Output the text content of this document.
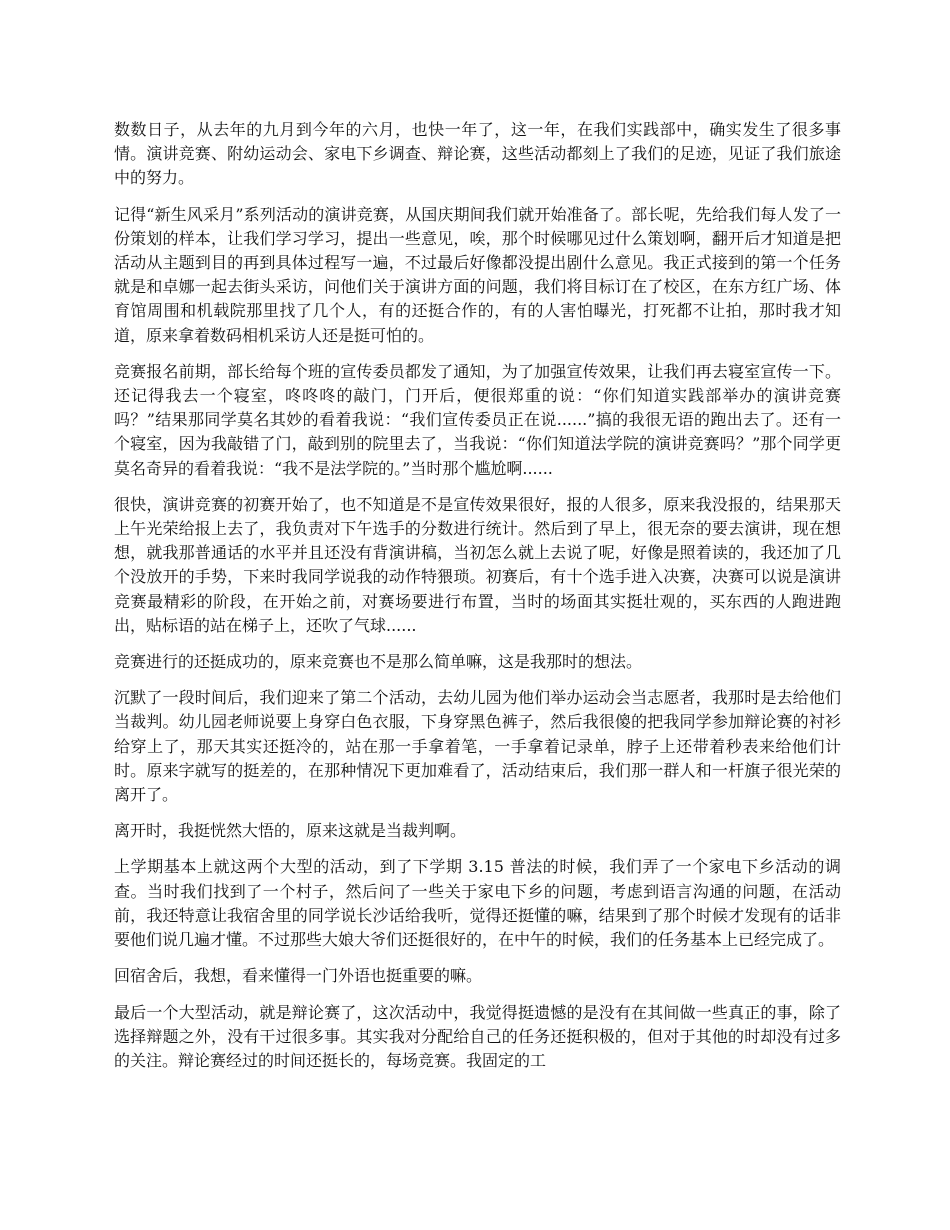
数数日子，从去年的九月到今年的六月，也快一年了，这一年，在我们实践部中，确实发生了很多事情。演讲竞赛、附幼运动会、家电下乡调查、辩论赛，这些活动都刻上了我们的足迹，见证了我们旅途中的努力。

记得“新生风采月”系列活动的演讲竞赛，从国庆期间我们就开始准备了。部长呢，先给我们每人发了一份策划的样本，让我们学习学习，提出一些意见，唉，那个时候哪见过什么策划啊，翻开后才知道是把活动从主题到目的再到具体过程写一遍，不过最后好像都没提出剧什么意见。我正式接到的第一个任务就是和卓娜一起去街头采访，问他们关于演讲方面的问题，我们将目标订在了校区，在东方红广场、体育馆周围和机载院那里找了几个人，有的还挺合作的，有的人害怕曝光，打死都不让拍，那时我才知道，原来拿着数码相机采访人还是挺可怕的。

竞赛报名前期，部长给每个班的宣传委员都发了通知，为了加强宣传效果，让我们再去寝室宣传一下。还记得我去一个寝室，咚咚咚的敲门，门开后，便很郑重的说：“你们知道实践部举办的演讲竞赛吗？”结果那同学莫名其妙的看着我说：“我们宣传委员正在说......”搞的我很无语的跑出去了。还有一个寝室，因为我敲错了门，敲到别的院里去了，当我说：“你们知道法学院的演讲竞赛吗？”那个同学更莫名奇异的看着我说：“我不是法学院的。”当时那个尴尬啊......

很快，演讲竞赛的初赛开始了，也不知道是不是宣传效果很好，报的人很多，原来我没报的，结果那天上午光荣给报上去了，我负责对下午选手的分数进行统计。然后到了早上，很无奈的要去演讲，现在想想，就我那普通话的水平并且还没有背演讲稿，当初怎么就上去说了呢，好像是照着读的，我还加了几个没放开的手势，下来时我同学说我的动作特猥琐。初赛后，有十个选手进入决赛，决赛可以说是演讲竞赛最精彩的阶段，在开始之前，对赛场要进行布置，当时的场面其实挺壮观的，买东西的人跑进跑出，贴标语的站在梯子上，还吹了气球......

竞赛进行的还挺成功的，原来竞赛也不是那么简单嘛，这是我那时的想法。

沉默了一段时间后，我们迎来了第二个活动，去幼儿园为他们举办运动会当志愿者，我那时是去给他们当裁判。幼儿园老师说要上身穿白色衣服，下身穿黑色裤子，然后我很傻的把我同学参加辩论赛的衬衫给穿上了，那天其实还挺冷的，站在那一手拿着笔，一手拿着记录单，脖子上还带着秒表来给他们计时。原来字就写的挺差的，在那种情况下更加难看了，活动结束后，我们那一群人和一杆旗子很光荣的离开了。

离开时，我挺恍然大悟的，原来这就是当裁判啊。

上学期基本上就这两个大型的活动，到了下学期 3.15 普法的时候，我们弄了一个家电下乡活动的调查。当时我们找到了一个村子，然后问了一些关于家电下乡的问题，考虑到语言沟通的问题，在活动前，我还特意让我宿舍里的同学说长沙话给我听，觉得还挺懂的嘛，结果到了那个时候才发现有的话非要他们说几遍才懂。不过那些大娘大爷们还挺很好的，在中午的时候，我们的任务基本上已经完成了。

回宿舍后，我想，看来懂得一门外语也挺重要的嘛。

最后一个大型活动，就是辩论赛了，这次活动中，我觉得挺遗憾的是没有在其间做一些真正的事，除了选择辩题之外，没有干过很多事。其实我对分配给自己的任务还挺积极的，但对于其他的时却没有过多的关注。辩论赛经过的时间还挺长的，每场竞赛。我固定的工
